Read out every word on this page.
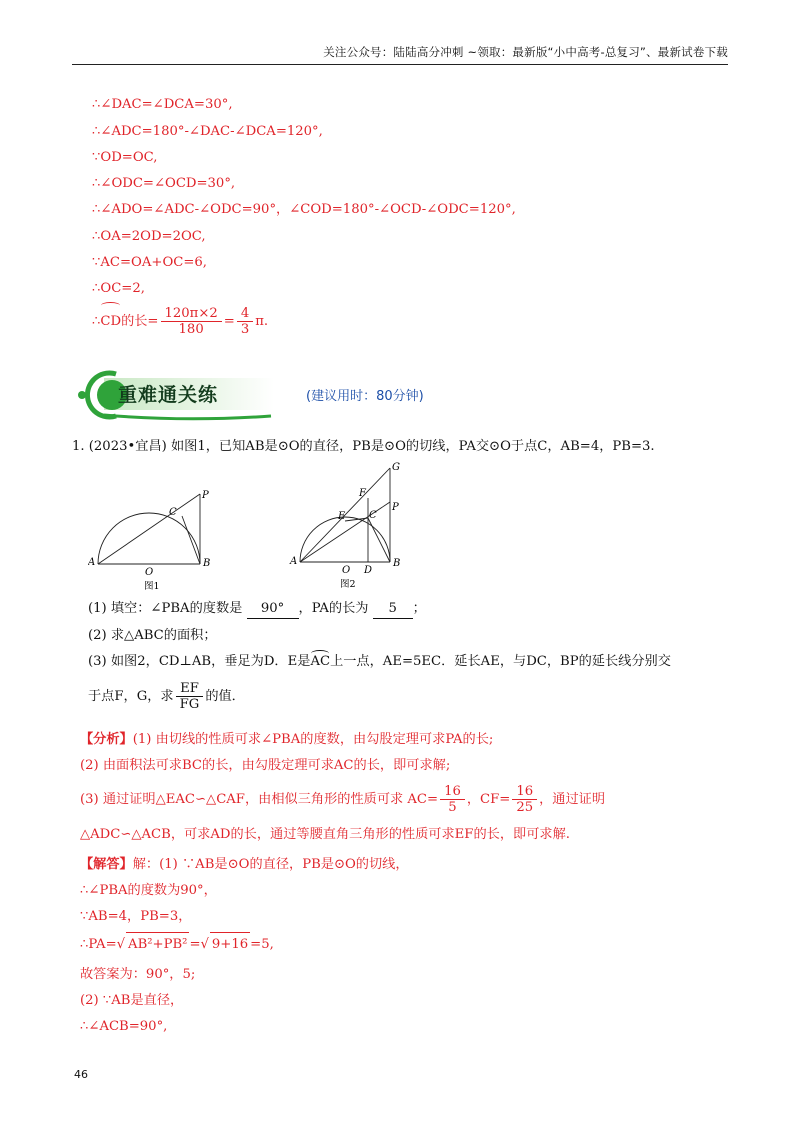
关注公众号：陆陆高分冲刺 ~领取：最新版“小中高考-总复习”、最新试卷下载
∴∠DAC=∠DCA=30°,
∴∠ADC=180°-∠DAC-∠DCA=120°,
∵OD=OC,
∴∠ODC=∠OCD=30°,
∴∠ADO=∠ADC-∠ODC=90°，∠COD=180°-∠OCD-∠ODC=120°,
∴OA=2OD=2OC,
∵AC=OA+OC=6,
∴OC=2,
∴CD的长= $\frac{120\pi\times 2}{180} = \frac{4}{3} \pi$.
重难通关练	(建议用时：80分钟)
1. (2023•宜昌) 如图1，已知AB是⊙O的直径，PB是⊙O的切线，PA交⊙O于点C，AB=4，PB=3.
A	B
C
O
P
图1
A	B
C
D
E
F
G
O
P
图2
(1) 填空：∠PBA的度数是 90° ，PA的长为 5 ；
(2) 求△ABC的面积；
(3) 如图2，CD⊥AB，垂足为D．E是AC上一点，AE=5EC．延长AE，与DC，BP的延长线分别交
于点F，G，求 $\frac{EF}{FG}$ 的值．
【分析】(1) 由切线的性质可求∠PBA的度数，由勾股定理可求PA的长;
(2) 由面积法可求BC的长，由勾股定理可求AC的长，即可求解;
(3) 通过证明△EAC∽△CAF，由相似三角形的性质可求 $AC= \frac{16}{5}$ ，$CF= \frac{16}{25}$ ，通过证明
△ADC∽△ACB，可求AD的长，通过等腰直角三角形的性质可求EF的长，即可求解.
【解答】解：(1) ∵AB是⊙O的直径，PB是⊙O的切线，
∴∠PBA的度数为90°，
∵AB=4，PB=3，
∴PA=√ AB²+PB² =√ 9+16 =5,
故答案为：90°，5;
(2) ∵AB是直径，
∴∠ACB=90°,
46
